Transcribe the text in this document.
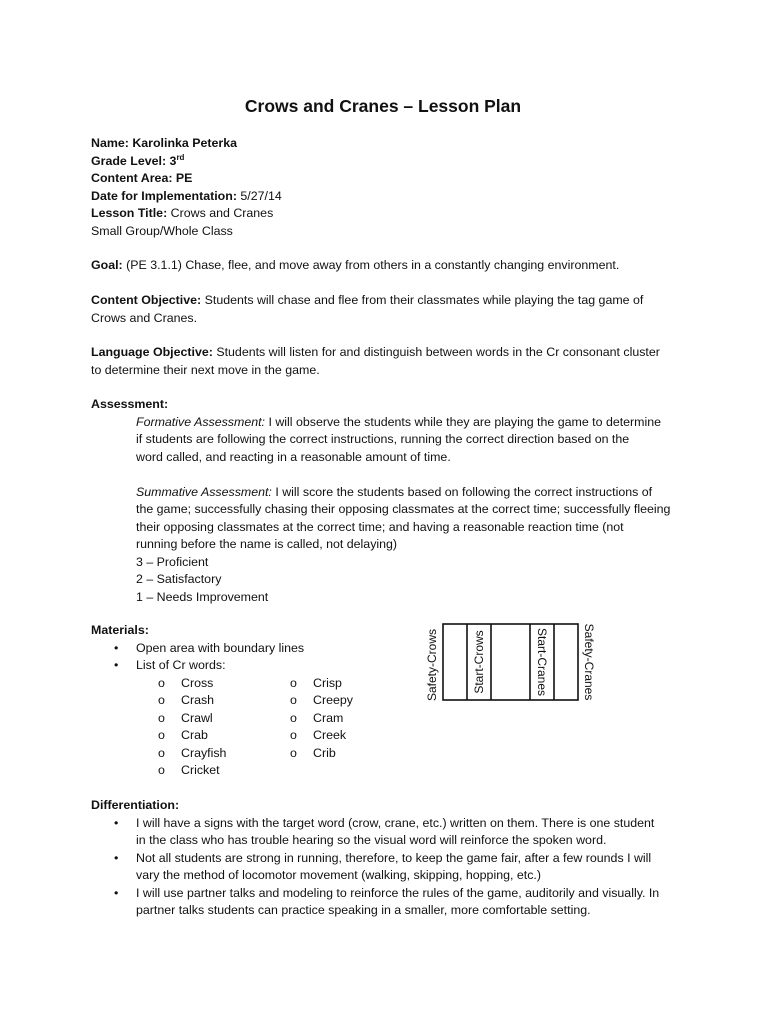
Crows and Cranes – Lesson Plan
Name: Karolinka Peterka
Grade Level: 3rd
Content Area: PE
Date for Implementation: 5/27/14
Lesson Title: Crows and Cranes
Small Group/Whole Class
Goal: (PE 3.1.1) Chase, flee, and move away from others in a constantly changing environment.
Content Objective: Students will chase and flee from their classmates while playing the tag game of
Crows and Cranes.
Language Objective: Students will listen for and distinguish between words in the Cr consonant cluster
to determine their next move in the game.
Assessment:
Formative Assessment: I will observe the students while they are playing the game to determine
if students are following the correct instructions, running the correct direction based on the
word called, and reacting in a reasonable amount of time.
Summative Assessment: I will score the students based on following the correct instructions of
the game; successfully chasing their opposing classmates at the correct time; successfully fleeing
their opposing classmates at the correct time; and having a reasonable reaction time (not
running before the name is called, not delaying)
3 – Proficient
2 – Satisfactory
1 – Needs Improvement
Materials:
• Open area with boundary lines
• List of Cr words:
o Cross
o Crash
o Crawl
o Crab
o Crayfish
o Cricket
o Crisp
o Creepy
o Cram
o Creek
o Crib
Differentiation:
• I will have a signs with the target word (crow, crane, etc.) written on them. There is one student
in the class who has trouble hearing so the visual word will reinforce the spoken word.
• Not all students are strong in running, therefore, to keep the game fair, after a few rounds I will
vary the method of locomotor movement (walking, skipping, hopping, etc.)
• I will use partner talks and modeling to reinforce the rules of the game, auditorily and visually. In
partner talks students can practice speaking in a smaller, more comfortable setting.
Safety-Crows	Start-Crows	Start-Cranes	Safety-Cranes
